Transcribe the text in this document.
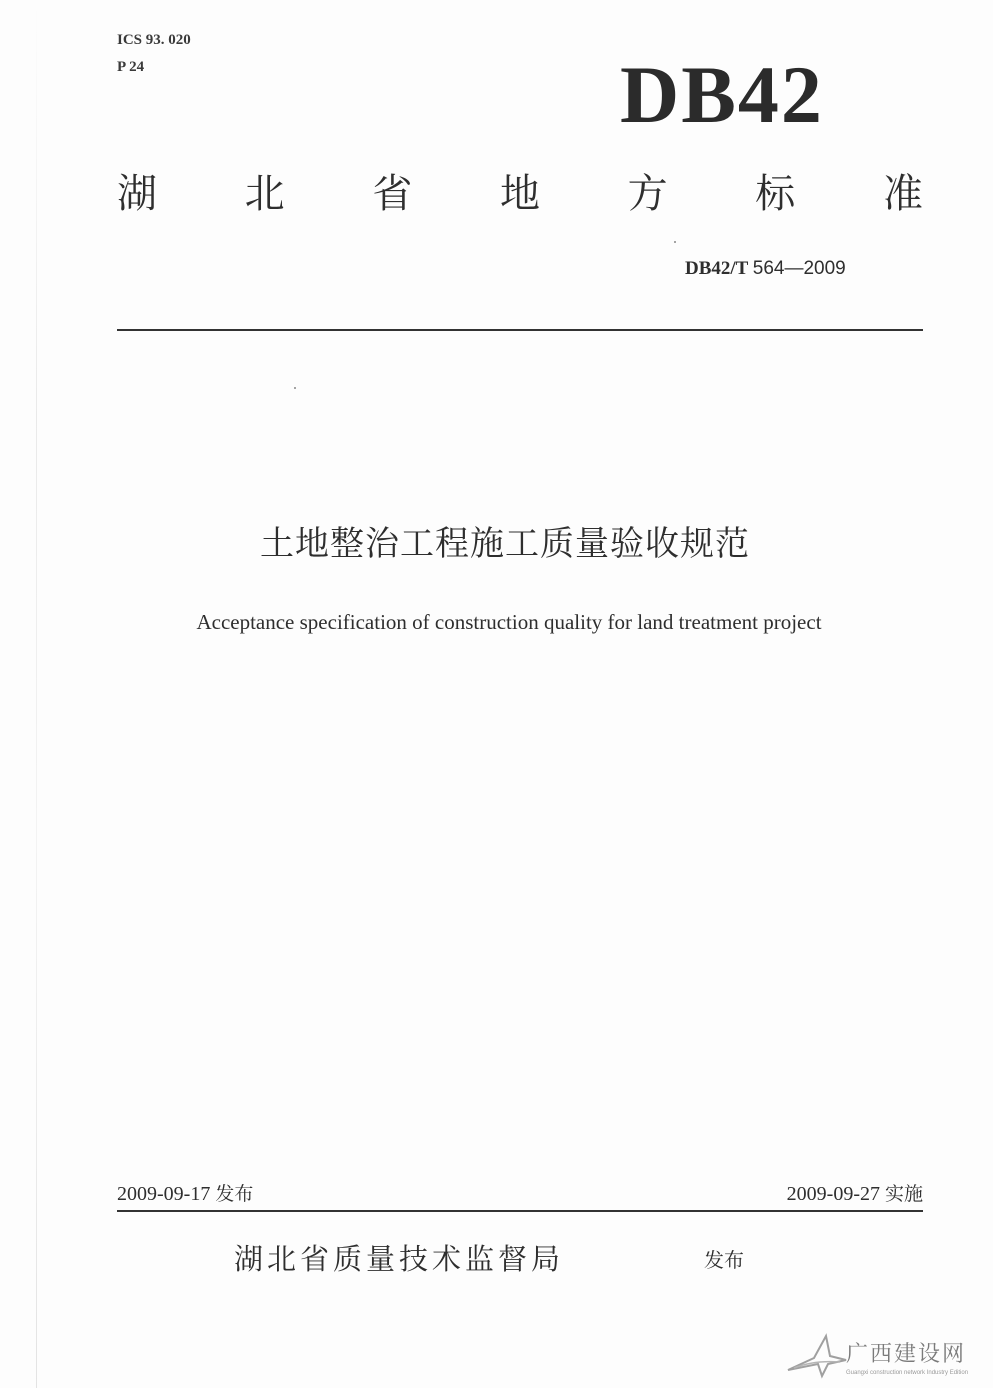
ICS 93. 020
P 24	DB42
湖 北 省 地 方 标 准
DB42/T 564—2009
土地整治工程施工质量验收规范
Acceptance specification of construction quality for land treatment project
2009-09-17 发布	2009-09-27 实施
湖北省质量技术监督局	发布
广西建设网
Guangxi construction network Industry Edition
